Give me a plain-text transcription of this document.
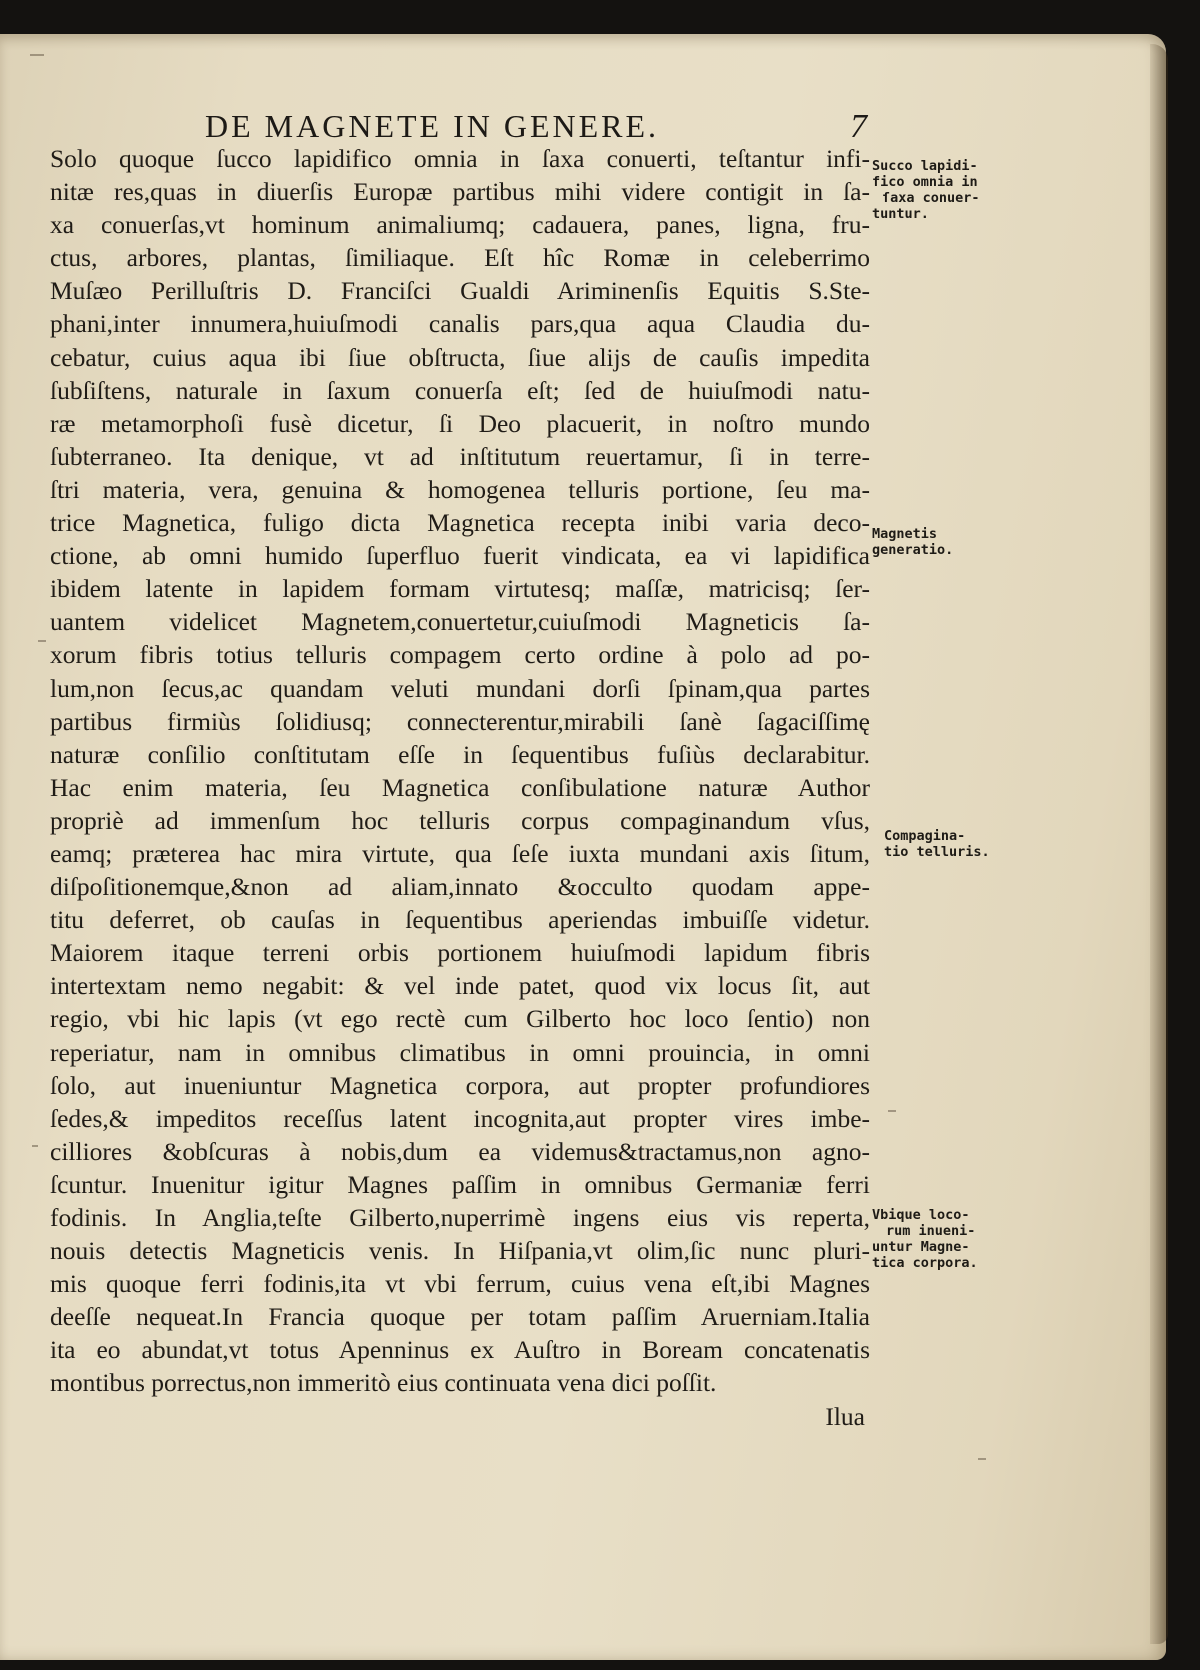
DE MAGNETE IN GENERE.	7
Solo quoque ſucco lapidifico omnia in ſaxa conuerti, teſtantur infi-
nitæ res,quas in diuerſis Europæ partibus mihi videre contigit in ſa-
xa conuerſas,vt hominum animaliumq; cadauera, panes, ligna, fru-
ctus, arbores, plantas, ſimiliaque. Eſt hîc Romæ in celeberrimo
Muſæo Perilluſtris D. Franciſci Gualdi Ariminenſis Equitis S.Ste-
phani,inter innumera,huiuſmodi canalis pars,qua aqua Claudia du-
cebatur, cuius aqua ibi ſiue obſtructa, ſiue aliјs de cauſis impedita
ſubſiſtens, naturale in ſaxum conuerſa eſt; ſed de huiuſmodi natu-
ræ metamorphoſi fusè dicetur, ſi Deo placuerit, in noſtro mundo
ſubterraneo. Ita denique, vt ad inſtitutum reuertamur, ſi in terre-
ſtri materia, vera, genuina & homogenea telluris portione, ſeu ma-
trice Magnetica, fuligo dicta Magnetica recepta inibi varia deco-
ctione, ab omni humido ſuperfluo fuerit vindicata, ea vi lapidifica
ibidem latente in lapidem formam virtutesq; maſſæ, matricisq; ſer-
uantem videlicet Magnetem,conuertetur,cuiuſmodi Magneticis ſa-
xorum fibris totius telluris compagem certo ordine à polo ad po-
lum,non ſecus,ac quandam veluti mundani dorſi ſpinam,qua partes
partibus firmiùs ſolidiusq; connecterentur,mirabili ſanè ſagaciſſimę
naturæ conſilio conſtitutam eſſe in ſequentibus fuſiùs declarabitur.
Hac enim materia, ſeu Magnetica conſibulatione naturæ Author
propriè ad immenſum hoc telluris corpus compaginandum vſus,
eamq; præterea hac mira virtute, qua ſeſe iuxta mundani axis ſitum,
diſpoſitionemque,&non ad aliam,innato &occulto quodam appe-
titu deferret, ob cauſas in ſequentibus aperiendas imbuiſſe videtur.
Maiorem itaque terreni orbis portionem huiuſmodi lapidum fibris
intertextam nemo negabit: & vel inde patet, quod vix locus ſit, aut
regio, vbi hic lapis (vt ego rectè cum Gilberto hoc loco ſentio) non
reperiatur, nam in omnibus climatibus in omni prouincia, in omni
ſolo, aut inueniuntur Magnetica corpora, aut propter profundiores
ſedes,& impeditos receſſus latent incognita,aut propter vires imbe-
cilliores &obſcuras à nobis,dum ea videmus&tractamus,non agno-
ſcuntur. Inuenitur igitur Magnes paſſim in omnibus Germaniæ ferri
fodinis. In Anglia,teſte Gilberto,nuperrimè ingens eius vis reperta,
nouis detectis Magneticis venis. In Hiſpania,vt olim,ſic nunc pluri-
mis quoque ferri fodinis,ita vt vbi ferrum, cuius vena eſt,ibi Magnes
deeſſe nequeat.In Francia quoque per totam paſſim Aruerniam.Italia
ita eo abundat,vt totus Apenninus ex Auſtro in Boream concatenatis
montibus porrectus,non immeritò eius continuata vena dici poſſit.
Ilua
Succo lapidi-
fico omnia in
ſaxa conuer-
tuntur.
Magnetis
generatio.
Compagina-
tio telluris.
Vbique loco-
rum inueni-
untur Magne-
tica corpora.
